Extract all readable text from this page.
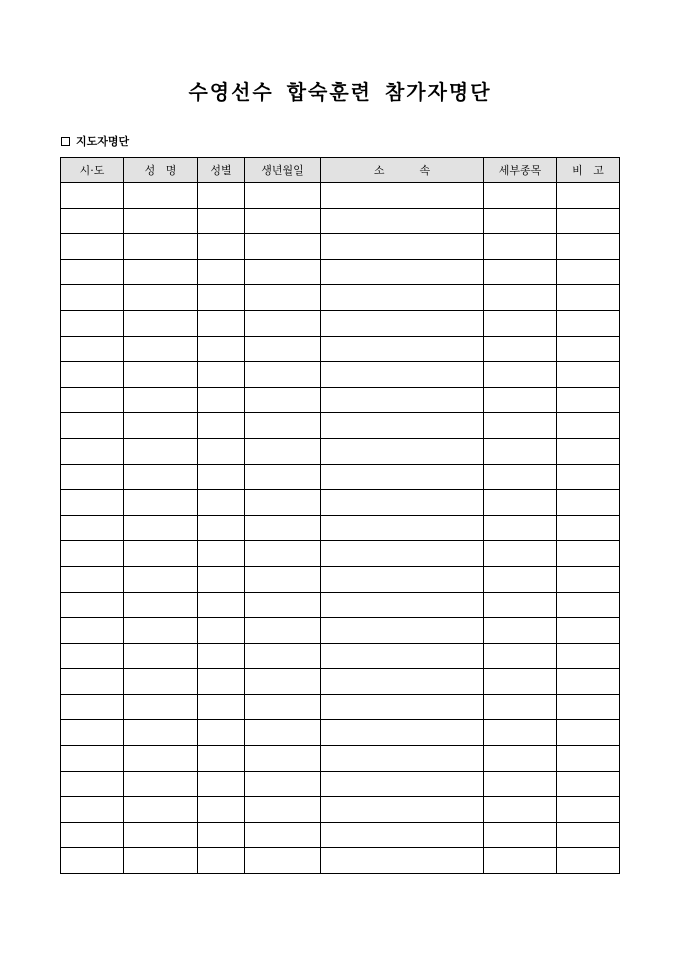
수영선수 합숙훈련 참가자명단
지도자명단
시·도	성   명	성별	생년월일	소          속	세부종목	비   고
